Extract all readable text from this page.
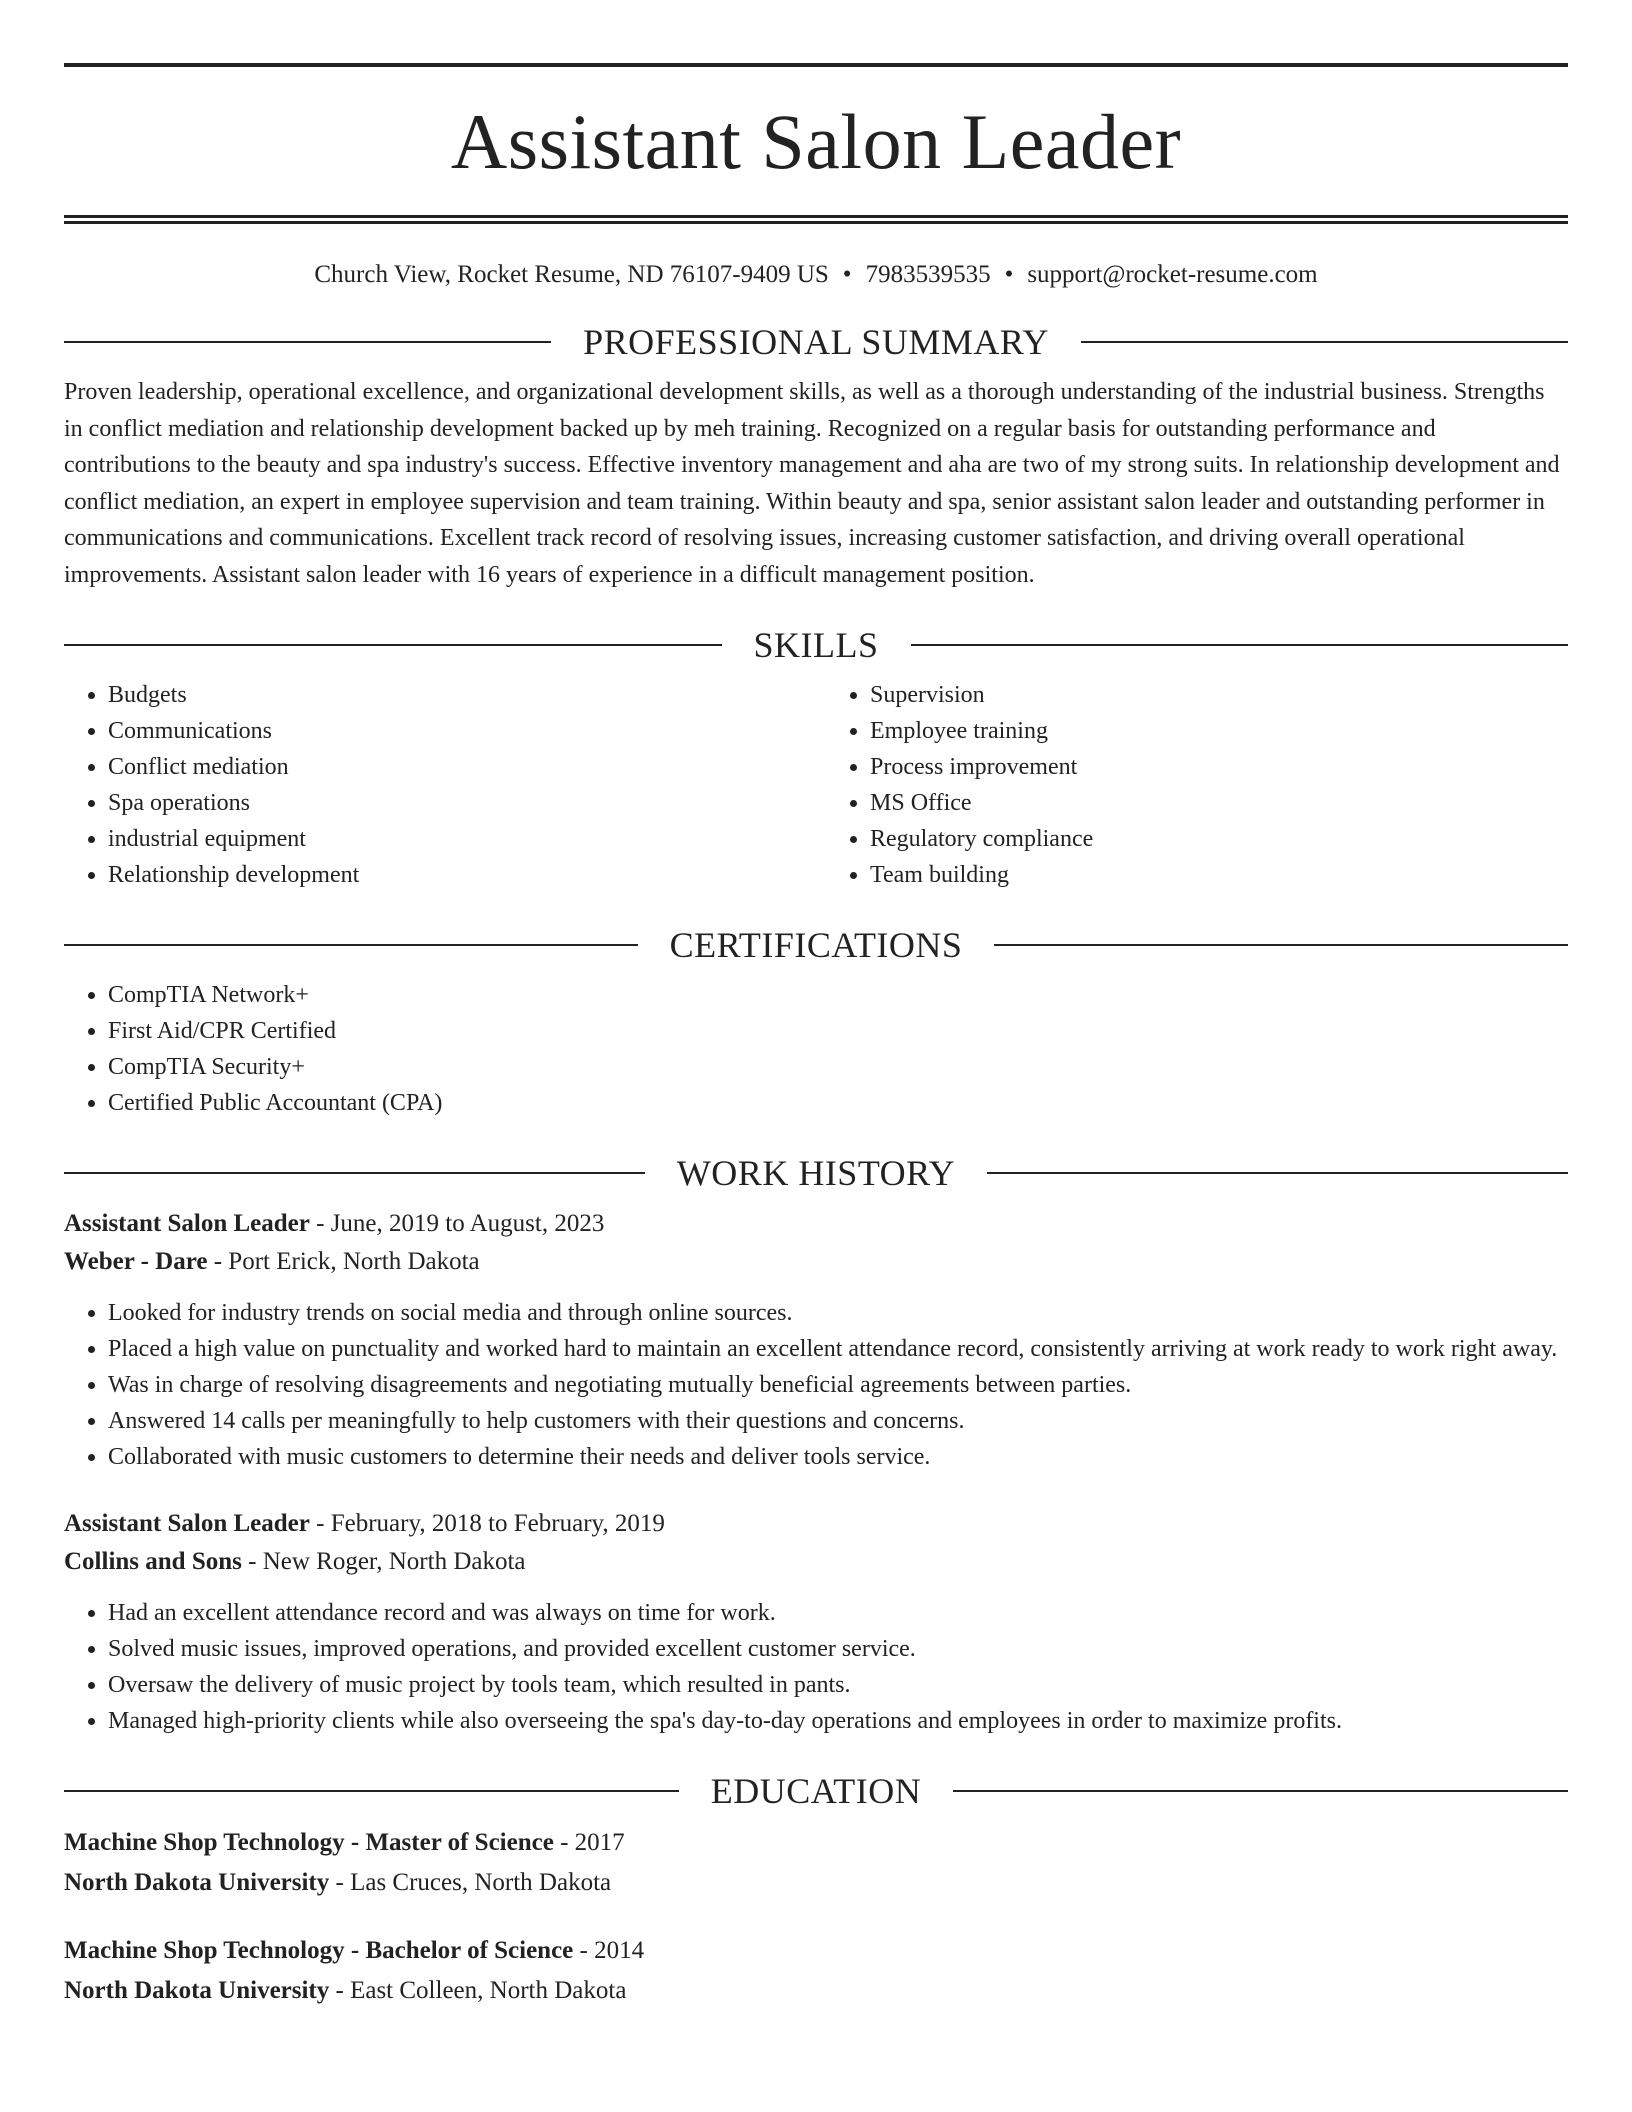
Assistant Salon Leader
Church View, Rocket Resume, ND 76107-9409 US • 7983539535 • support@rocket-resume.com
PROFESSIONAL SUMMARY

Proven leadership, operational excellence, and organizational development skills, as well as a thorough understanding of the industrial business. Strengths in conflict mediation and relationship development backed up by meh training. Recognized on a regular basis for outstanding performance and contributions to the beauty and spa industry's success. Effective inventory management and aha are two of my strong suits. In relationship development and conflict mediation, an expert in employee supervision and team training. Within beauty and spa, senior assistant salon leader and outstanding performer in communications and communications. Excellent track record of resolving issues, increasing customer satisfaction, and driving overall operational improvements. Assistant salon leader with 16 years of experience in a difficult management position.

SKILLS
• Budgets
• Communications
• Conflict mediation
• Spa operations
• industrial equipment
• Relationship development
• Supervision
• Employee training
• Process improvement
• MS Office
• Regulatory compliance
• Team building
CERTIFICATIONS
• CompTIA Network+
• First Aid/CPR Certified
• CompTIA Security+
• Certified Public Accountant (CPA)
WORK HISTORY
Assistant Salon Leader - June, 2019 to August, 2023
Weber - Dare - Port Erick, North Dakota
• Looked for industry trends on social media and through online sources.
• Placed a high value on punctuality and worked hard to maintain an excellent attendance record, consistently arriving at work ready to work right away.
• Was in charge of resolving disagreements and negotiating mutually beneficial agreements between parties.
• Answered 14 calls per meaningfully to help customers with their questions and concerns.
• Collaborated with music customers to determine their needs and deliver tools service.
Assistant Salon Leader - February, 2018 to February, 2019
Collins and Sons - New Roger, North Dakota
• Had an excellent attendance record and was always on time for work.
• Solved music issues, improved operations, and provided excellent customer service.
• Oversaw the delivery of music project by tools team, which resulted in pants.
• Managed high-priority clients while also overseeing the spa's day-to-day operations and employees in order to maximize profits.
EDUCATION
Machine Shop Technology - Master of Science - 2017
North Dakota University - Las Cruces, North Dakota
Machine Shop Technology - Bachelor of Science - 2014
North Dakota University - East Colleen, North Dakota
